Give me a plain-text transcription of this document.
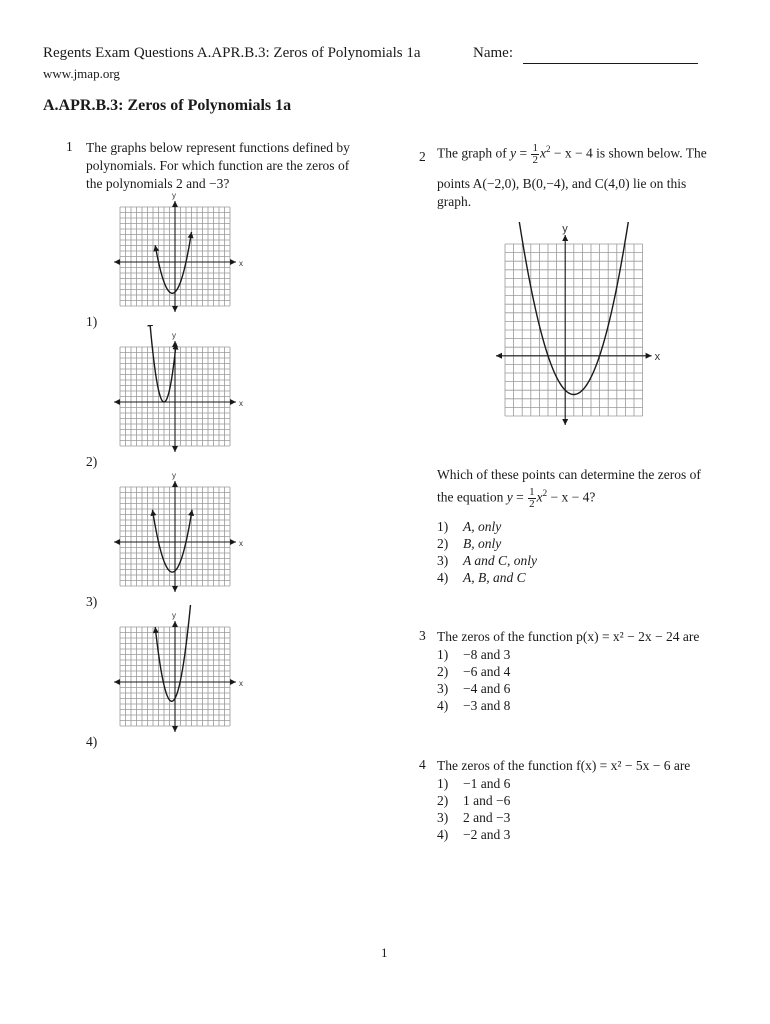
Regents Exam Questions A.APR.B.3: Zeros of Polynomials 1a
www.jmap.org
Name:
A.APR.B.3: Zeros of Polynomials 1a
1 The graphs below represent functions defined by
polynomials. For which function are the zeros of
the polynomials 2 and −3?
x
y
1)
x
y
2)
x
y
3)
x
y
4)
2 The graph of $y = \frac{1}{2} x^2 - x - 4$ is shown below. The
points A(−2,0), B(0,−4), and C(4,0) lie on this
graph.
x
y
Which of these points can determine the zeros of
the equation $y = \frac{1}{2} x^2 - x - 4$?
1) A, only
2) B, only
3) A and C, only
4) A, B, and C
3 The zeros of the function p(x) = x² − 2x − 24 are
1) −8 and 3
2) −6 and 4
3) −4 and 6
4) −3 and 8
4 The zeros of the function f(x) = x² − 5x − 6 are
1) −1 and 6
2) 1 and −6
3) 2 and −3
4) −2 and 3
1
